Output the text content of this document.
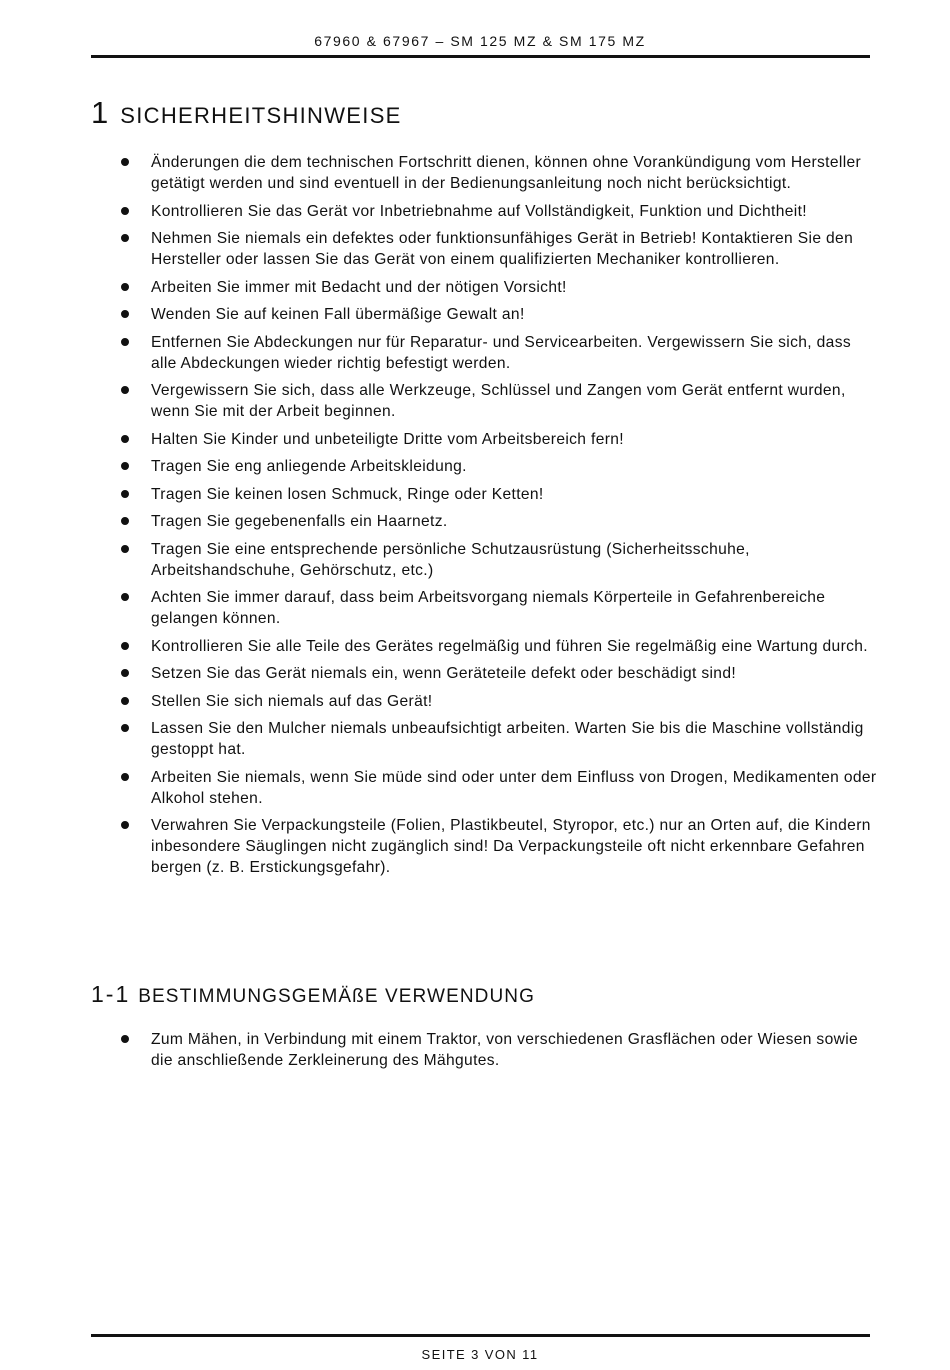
67960 & 67967 – SM 125 MZ & SM 175 MZ
1 SICHERHEITSHINWEISE
Änderungen die dem technischen Fortschritt dienen, können ohne Vorankündigung vom Hersteller getätigt werden und sind eventuell in der Bedienungsanleitung noch nicht berücksichtigt.
Kontrollieren Sie das Gerät vor Inbetriebnahme auf Vollständigkeit, Funktion und Dichtheit!
Nehmen Sie niemals ein defektes oder funktionsunfähiges Gerät in Betrieb! Kontaktieren Sie den Hersteller oder lassen Sie das Gerät von einem qualifizierten Mechaniker kontrollieren.
Arbeiten Sie immer mit Bedacht und der nötigen Vorsicht!
Wenden Sie auf keinen Fall übermäßige Gewalt an!
Entfernen Sie Abdeckungen nur für Reparatur- und Servicearbeiten. Vergewissern Sie sich, dass alle Abdeckungen wieder richtig befestigt werden.
Vergewissern Sie sich, dass alle Werkzeuge, Schlüssel und Zangen vom Gerät entfernt wurden, wenn Sie mit der Arbeit beginnen.
Halten Sie Kinder und unbeteiligte Dritte vom Arbeitsbereich fern!
Tragen Sie eng anliegende Arbeitskleidung.
Tragen Sie keinen losen Schmuck, Ringe oder Ketten!
Tragen Sie gegebenenfalls ein Haarnetz.
Tragen Sie eine entsprechende persönliche Schutzausrüstung (Sicherheitsschuhe, Arbeitshandschuhe, Gehörschutz, etc.)
Achten Sie immer darauf, dass beim Arbeitsvorgang niemals Körperteile in Gefahrenbereiche gelangen können.
Kontrollieren Sie alle Teile des Gerätes regelmäßig und führen Sie regelmäßig eine Wartung durch.
Setzen Sie das Gerät niemals ein, wenn Geräteteile defekt oder beschädigt sind!
Stellen Sie sich niemals auf das Gerät!
Lassen Sie den Mulcher niemals unbeaufsichtigt arbeiten. Warten Sie bis die Maschine vollständig gestoppt hat.
Arbeiten Sie niemals, wenn Sie müde sind oder unter dem Einfluss von Drogen, Medikamenten oder Alkohol stehen.
Verwahren Sie Verpackungsteile (Folien, Plastikbeutel, Styropor, etc.) nur an Orten auf, die Kindern inbesondere Säuglingen nicht zugänglich sind! Da Verpackungsteile oft nicht erkennbare Gefahren bergen (z. B. Erstickungsgefahr).
1-1 BESTIMMUNGSGEMÄßE VERWENDUNG
Zum Mähen, in Verbindung mit einem Traktor, von verschiedenen Grasflächen oder Wiesen sowie die anschließende Zerkleinerung des Mähgutes.
SEITE 3 VON 11
